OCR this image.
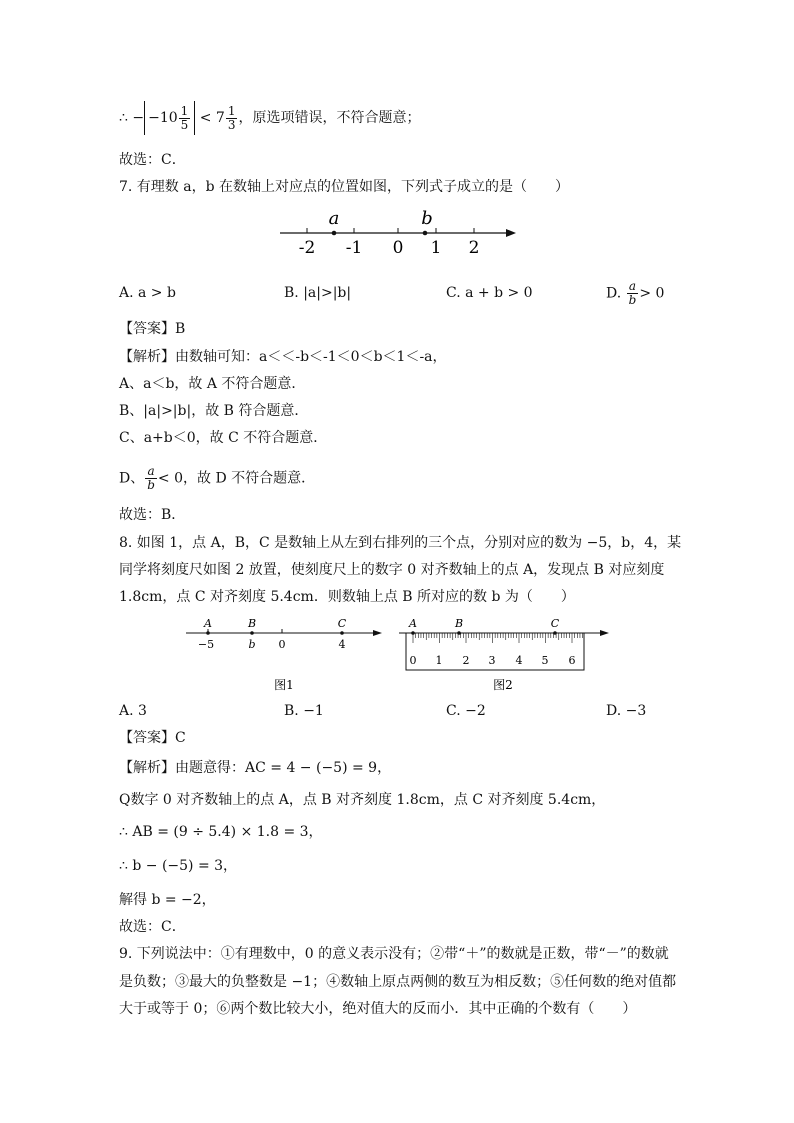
∴ − $-10 \frac{1}{5} < 7 \frac{1}{3}$ ，原选项错误，不符合题意；
故选：C．
7. 有理数 a，b 在数轴上对应点的位置如图，下列式子成立的是（　　）
a	b
-2 -1 0 1 2
A. a > b	B. |a|>|b|	C. a + b > 0	D. $\frac{a}{b} > 0$
【答案】B
【解析】由数轴可知：a＜＜-b＜-1＜0＜b＜1＜-a，
A、a＜b，故 A 不符合题意．
B、|a|>|b|，故 B 符合题意．
C、a+b＜0，故 C 不符合题意．
D、 $\frac{a}{b} < 0$，故 D 不符合题意．
故选：B．
8. 如图 1，点 A，B，C 是数轴上从左到右排列的三个点，分别对应的数为 −5，b，4，某
同学将刻度尺如图 2 放置，使刻度尺上的数字 0 对齐数轴上的点 A，发现点 B 对应刻度
1.8cm，点 C 对齐刻度 5.4cm．则数轴上点 B 所对应的数 b 为（　　）
A	B	C
−5	b 0	4
图1
A	B	C
0 1 2 3 4 5 6
图2
A. 3	B. −1	C. −2	D. −3
【答案】C
【解析】由题意得：AC = 4 − (−5) = 9，
Q数字 0 对齐数轴上的点 A，点 B 对齐刻度 1.8cm，点 C 对齐刻度 5.4cm，
∴ AB = (9 ÷ 5.4) × 1.8 = 3，
∴ b − (−5) = 3，
解得 b = −2，
故选：C．
9. 下列说法中：①有理数中，0 的意义表示没有；②带“＋”的数就是正数，带“－”的数就
是负数；③最大的负整数是 −1；④数轴上原点两侧的数互为相反数；⑤任何数的绝对值都
大于或等于 0；⑥两个数比较大小，绝对值大的反而小．其中正确的个数有（　　）
